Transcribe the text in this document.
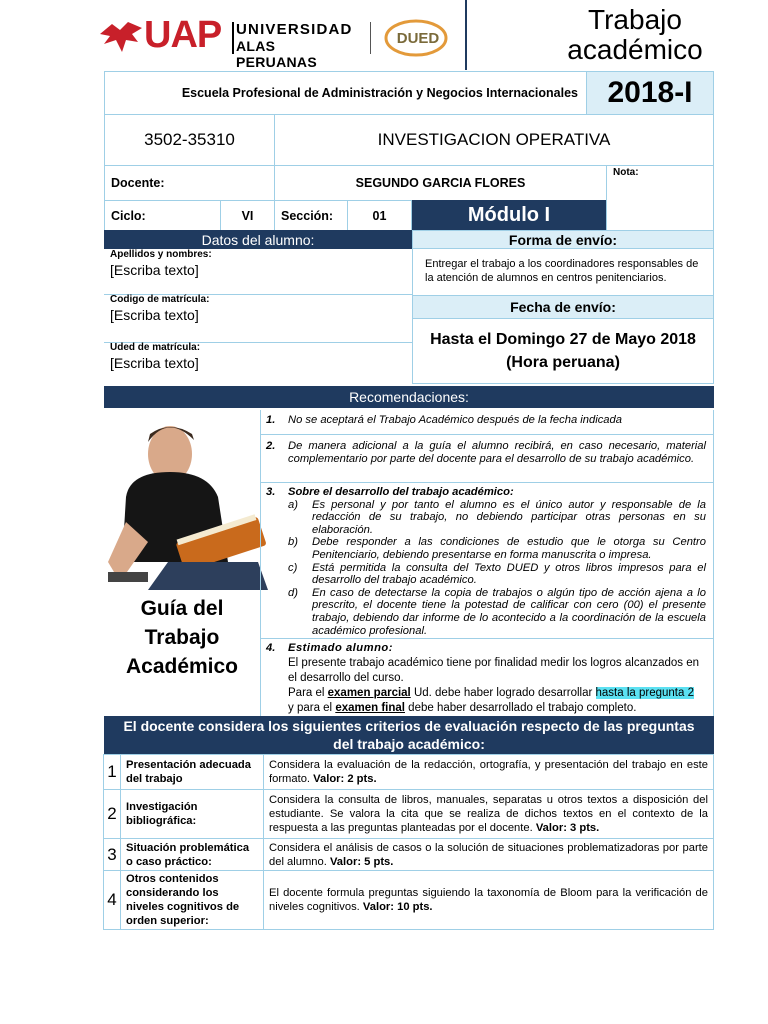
UAP UNIVERSIDAD
ALAS PERUANAS
DUED
Trabajo
académico
Escuela Profesional de Administración y Negocios Internacionales 2018-I
3502-35310	INVESTIGACION OPERATIVA
Docente:	SEGUNDO GARCIA FLORES
Nota:
Ciclo:	VI	Sección:	01	Módulo I
Datos del alumno:	Forma de envío:
Apellidos y nombres:
[Escriba texto]
Codigo de matrícula:
[Escriba texto]
Uded de matrícula:
[Escriba texto]
Entregar el trabajo a los coordinadores responsables de la atención de alumnos en centros penitenciarios.
Fecha de envío:
Hasta el Domingo 27 de Mayo 2018
(Hora peruana)
Recomendaciones:
Guía del
Trabajo
Académico
1. No se aceptará el Trabajo Académico después de la fecha indicada
2. De manera adicional a la guía el alumno recibirá, en caso necesario, material complementario por parte del docente para el desarrollo de su trabajo académico.
3. Sobre el desarrollo del trabajo académico:
a)	Es personal y por tanto el alumno es el único autor y responsable de la redacción de su trabajo, no debiendo participar otras personas en su elaboración.
b)	Debe responder a las condiciones de estudio que le otorga su Centro Penitenciario, debiendo presentarse en forma manuscrita o impresa.
c)	Está permitida la consulta del Texto DUED y otros libros impresos para el desarrollo del trabajo académico.
d)	En caso de detectarse la copia de trabajos o algún tipo de acción ajena a lo prescrito, el docente tiene la potestad de calificar con cero (00) el presente trabajo, debiendo dar informe de lo acontecido a la coordinación de la escuela académico profesional.
4. Estimado alumno:

El presente trabajo académico tiene por finalidad medir los logros alcanzados en el desarrollo del curso.

Para el examen parcial Ud. debe haber logrado desarrollar hasta la pregunta 2

y para el examen final debe haber desarrollado el trabajo completo.

El docente considera los siguientes criterios de evaluación respecto de las preguntas
del trabajo académico:
1	Presentación adecuada del trabajo	Considera la evaluación de la redacción, ortografía, y presentación del trabajo en este formato. Valor: 2 pts.
2	Investigación bibliográfica:	Considera la consulta de libros, manuales, separatas u otros textos a disposición del estudiante. Se valora la cita que se realiza de dichos textos en el contexto de la respuesta a las preguntas planteadas por el docente. Valor: 3 pts.
3	Situación problemática o caso práctico:	Considera el análisis de casos o la solución de situaciones problematizadoras por parte del alumno. Valor: 5 pts.
4	Otros contenidos considerando los niveles cognitivos de orden superior:	El docente formula preguntas siguiendo la taxonomía de Bloom para la verificación de niveles cognitivos. Valor: 10 pts.
